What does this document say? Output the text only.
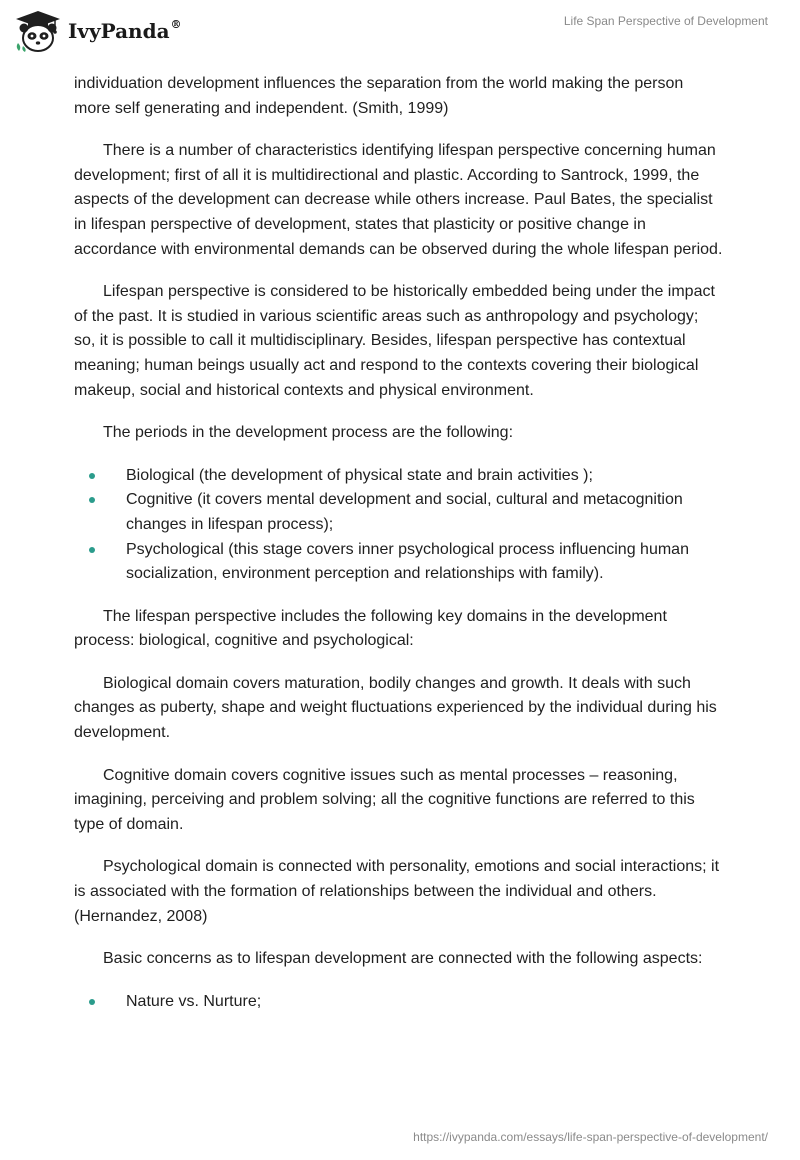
IvyPanda®	Life Span Perspective of Development

individuation development influences the separation from the world making the person more self generating and independent. (Smith, 1999)

There is a number of characteristics identifying lifespan perspective concerning human development; first of all it is multidirectional and plastic. According to Santrock, 1999, the aspects of the development can decrease while others increase. Paul Bates, the specialist in lifespan perspective of development, states that plasticity or positive change in accordance with environmental demands can be observed during the whole lifespan period.

Lifespan perspective is considered to be historically embedded being under the impact of the past. It is studied in various scientific areas such as anthropology and psychology; so, it is possible to call it multidisciplinary. Besides, lifespan perspective has contextual meaning; human beings usually act and respond to the contexts covering their biological makeup, social and historical contexts and physical environment.

The periods in the development process are the following:

Biological (the development of physical state and brain activities );
Cognitive (it covers mental development and social, cultural and metacognition changes in lifespan process);
Psychological (this stage covers inner psychological process influencing human socialization, environment perception and relationships with family).

The lifespan perspective includes the following key domains in the development process: biological, cognitive and psychological:

Biological domain covers maturation, bodily changes and growth. It deals with such changes as puberty, shape and weight fluctuations experienced by the individual during his development.

Cognitive domain covers cognitive issues such as mental processes – reasoning, imagining, perceiving and problem solving; all the cognitive functions are referred to this type of domain.

Psychological domain is connected with personality, emotions and social interactions; it is associated with the formation of relationships between the individual and others. (Hernandez, 2008)

Basic concerns as to lifespan development are connected with the following aspects:

Nature vs. Nurture;
https://ivypanda.com/essays/life-span-perspective-of-development/
